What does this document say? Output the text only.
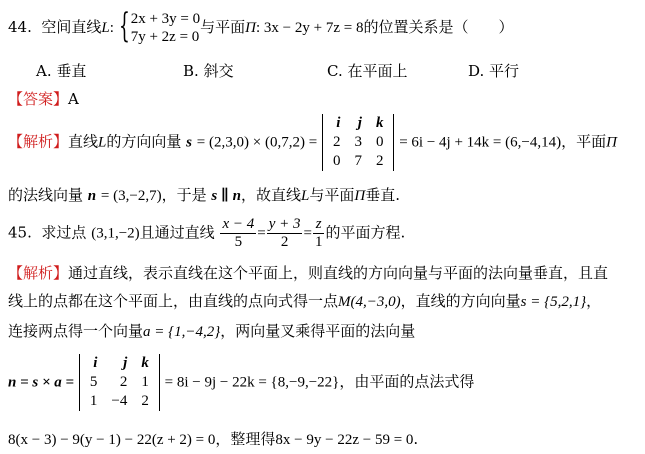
44. 空间直线L: { 2x + 3y = 0
7y + 2z = 0
与平面Π: 3x − 2y + 7z = 8的位置关系是（　　）
A. 垂直	B. 斜交	C. 在平面上	D. 平行
【答案】A
【解析】直线L的方向向量 s = (2,3,0) × (0,7,2) =
i	j	k
2	3	0
0	7	2
= 6i − 4j + 14k = (6,−4,14)，平面Π
的法线向量 n = (3,−2,7)，于是 s ∥ n，故直线L与平面Π垂直.
45. 求过点 (3,1,−2)且通过直线 $\frac{x - 4}{5} = \frac{y + 3}{2} = \frac{z}{1}$ 的平面方程.
【解析】通过直线，表示直线在这个平面上，则直线的方向向量与平面的法向量垂直，且直
线上的点都在这个平面上，由直线的点向式得一点M(4,−3,0)，直线的方向向量s = {5,2,1}，
连接两点得一个向量a = {1,−4,2}，两向量叉乘得平面的法向量
n = s × a =
i	j	k
5	2	1
1	−4	2
= 8i − 9j − 22k = {8,−9,−22}，由平面的点法式得
8(x − 3) − 9(y − 1) − 22(z + 2) = 0，整理得8x − 9y − 22z − 59 = 0.
